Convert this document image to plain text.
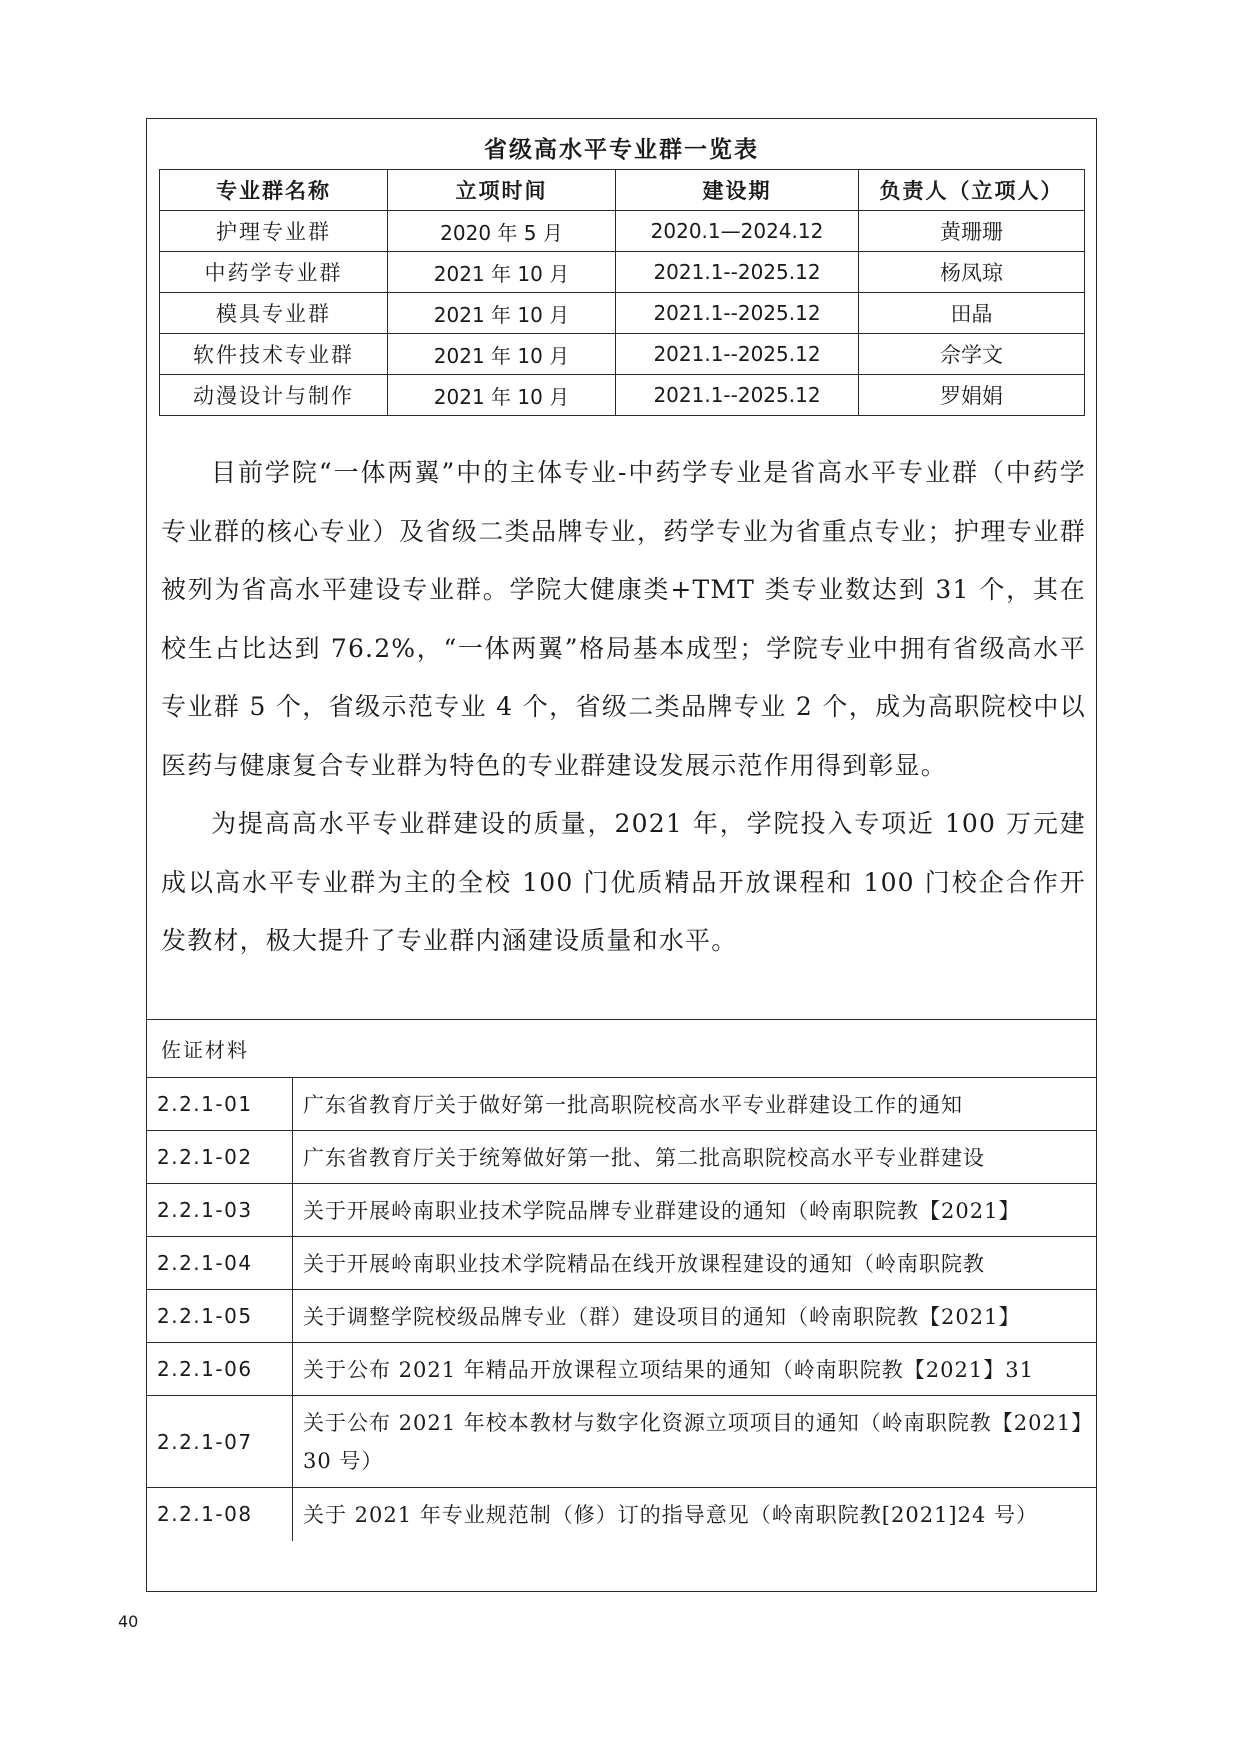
省级高水平专业群一览表
专业群名称	立项时间	建设期	负责人（立项人）
护理专业群	2020 年 5 月	2020.1—2024.12	黄珊珊
中药学专业群	2021 年 10 月	2021.1--2025.12	杨凤琼
模具专业群	2021 年 10 月	2021.1--2025.12	田晶
软件技术专业群	2021 年 10 月	2021.1--2025.12	佘学文
动漫设计与制作	2021 年 10 月	2021.1--2025.12	罗娟娟

目前学院“一体两翼”中的主体专业-中药学专业是省高水平专业群（中药学专业群的核心专业）及省级二类品牌专业，药学专业为省重点专业；护理专业群被列为省高水平建设专业群。学院大健康类+TMT 类专业数达到 31 个，其在校生占比达到 76.2%，“一体两翼”格局基本成型；学院专业中拥有省级高水平专业群 5 个，省级示范专业 4 个，省级二类品牌专业 2 个，成为高职院校中以医药与健康复合专业群为特色的专业群建设发展示范作用得到彰显。

为提高高水平专业群建设的质量，2021 年，学院投入专项近 100 万元建成以高水平专业群为主的全校 100 门优质精品开放课程和 100 门校企合作开发教材，极大提升了专业群内涵建设质量和水平。

佐证材料
2.2.1-01	广东省教育厅关于做好第一批高职院校高水平专业群建设工作的通知
2.2.1-02	广东省教育厅关于统筹做好第一批、第二批高职院校高水平专业群建设
2.2.1-03	关于开展岭南职业技术学院品牌专业群建设的通知（岭南职院教【2021】
2.2.1-04	关于开展岭南职业技术学院精品在线开放课程建设的通知（岭南职院教
2.2.1-05	关于调整学院校级品牌专业（群）建设项目的通知（岭南职院教【2021】
2.2.1-06	关于公布 2021 年精品开放课程立项结果的通知（岭南职院教【2021】31
2.2.1-07	关于公布 2021 年校本教材与数字化资源立项项目的通知（岭南职院教【2021】30 号）
2.2.1-08	关于 2021 年专业规范制（修）订的指导意见（岭南职院教[2021]24 号）
40
